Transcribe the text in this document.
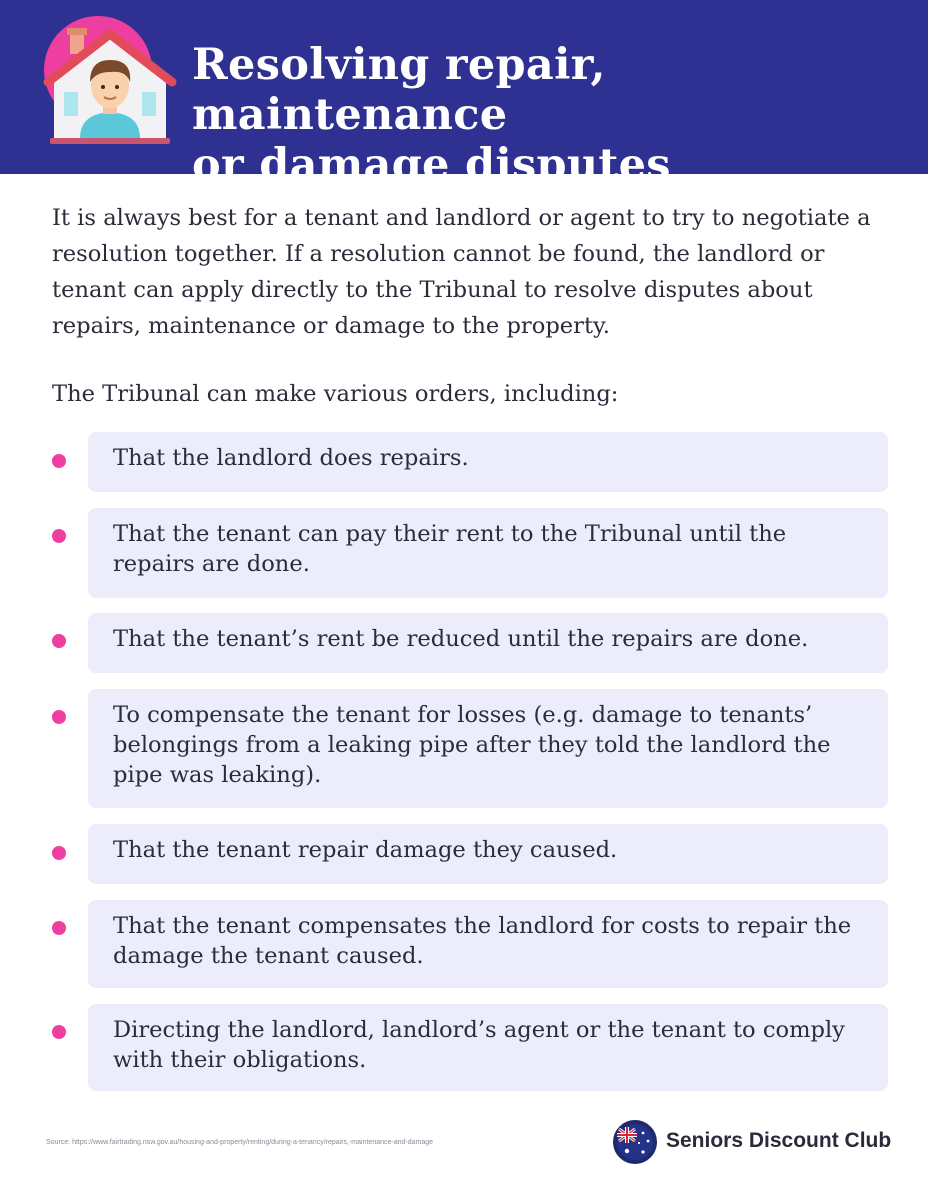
Resolving repair, maintenance
or damage disputes

It is always best for a tenant and landlord or agent to try to negotiate a resolution together. If a resolution cannot be found, the landlord or tenant can apply directly to the Tribunal to resolve disputes about repairs, maintenance or damage to the property.

The Tribunal can make various orders, including:

That the landlord does repairs.

That the tenant can pay their rent to the Tribunal until the repairs are done.

That the tenant’s rent be reduced until the repairs are done.

To compensate the tenant for losses (e.g. damage to tenants’ belongings from a leaking pipe after they told the landlord the pipe was leaking).

That the tenant repair damage they caused.

That the tenant compensates the landlord for costs to repair the damage the tenant caused.

Directing the landlord, landlord’s agent or the tenant to comply with their obligations.

Source: https://www.fairtrading.nsw.gov.au/housing-and-property/renting/during-a-tenancy/repairs,-maintenance-and-damage	Seniors Discount Club
